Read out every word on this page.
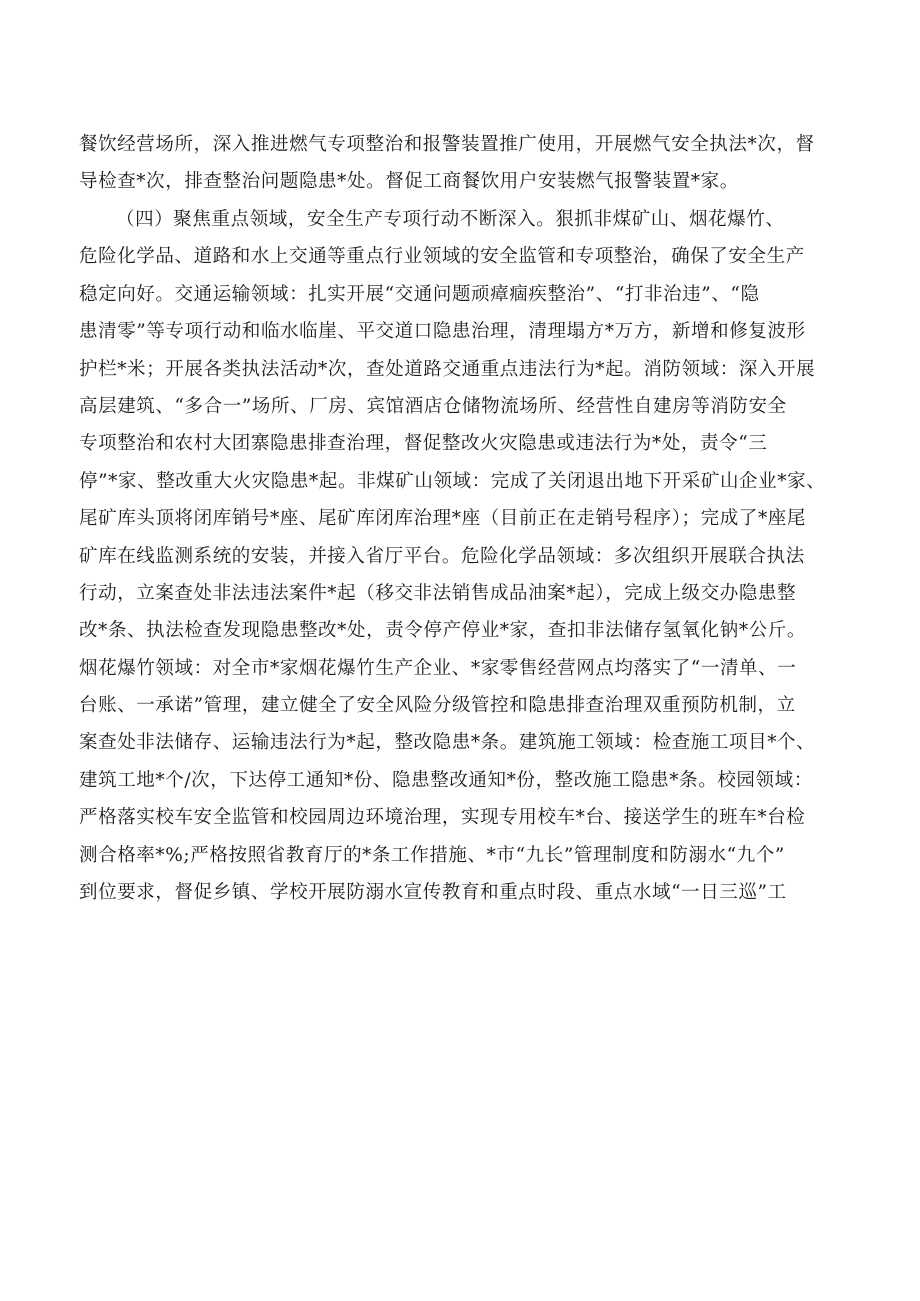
餐饮经营场所，深入推进燃气专项整治和报警装置推广使用，开展燃气安全执法*次，督
导检查*次，排查整治问题隐患*处。督促工商餐饮用户安装燃气报警装置*家。
（四）聚焦重点领域，安全生产专项行动不断深入。狠抓非煤矿山、烟花爆竹、
危险化学品、道路和水上交通等重点行业领域的安全监管和专项整治，确保了安全生产
稳定向好。交通运输领域：扎实开展“交通问题顽瘴痼疾整治”、“打非治违”、“隐
患清零”等专项行动和临水临崖、平交道口隐患治理，清理塌方*万方，新增和修复波形
护栏*米；开展各类执法活动*次，查处道路交通重点违法行为*起。消防领域：深入开展
高层建筑、“多合一”场所、厂房、宾馆酒店仓储物流场所、经营性自建房等消防安全
专项整治和农村大团寨隐患排查治理，督促整改火灾隐患或违法行为*处，责令“三
停”*家、整改重大火灾隐患*起。非煤矿山领域：完成了关闭退出地下开采矿山企业*家、
尾矿库头顶将闭库销号*座、尾矿库闭库治理*座（目前正在走销号程序）；完成了*座尾
矿库在线监测系统的安装，并接入省厅平台。危险化学品领域：多次组织开展联合执法
行动，立案查处非法违法案件*起（移交非法销售成品油案*起），完成上级交办隐患整
改*条、执法检查发现隐患整改*处，责令停产停业*家，查扣非法储存氢氧化钠*公斤。
烟花爆竹领域：对全市*家烟花爆竹生产企业、*家零售经营网点均落实了“一清单、一
台账、一承诺”管理，建立健全了安全风险分级管控和隐患排查治理双重预防机制，立
案查处非法储存、运输违法行为*起，整改隐患*条。建筑施工领域：检查施工项目*个、
建筑工地*个/次，下达停工通知*份、隐患整改通知*份，整改施工隐患*条。校园领域：
严格落实校车安全监管和校园周边环境治理，实现专用校车*台、接送学生的班车*台检
测合格率*%;严格按照省教育厅的*条工作措施、*市“九长”管理制度和防溺水“九个”
到位要求，督促乡镇、学校开展防溺水宣传教育和重点时段、重点水域“一日三巡”工
